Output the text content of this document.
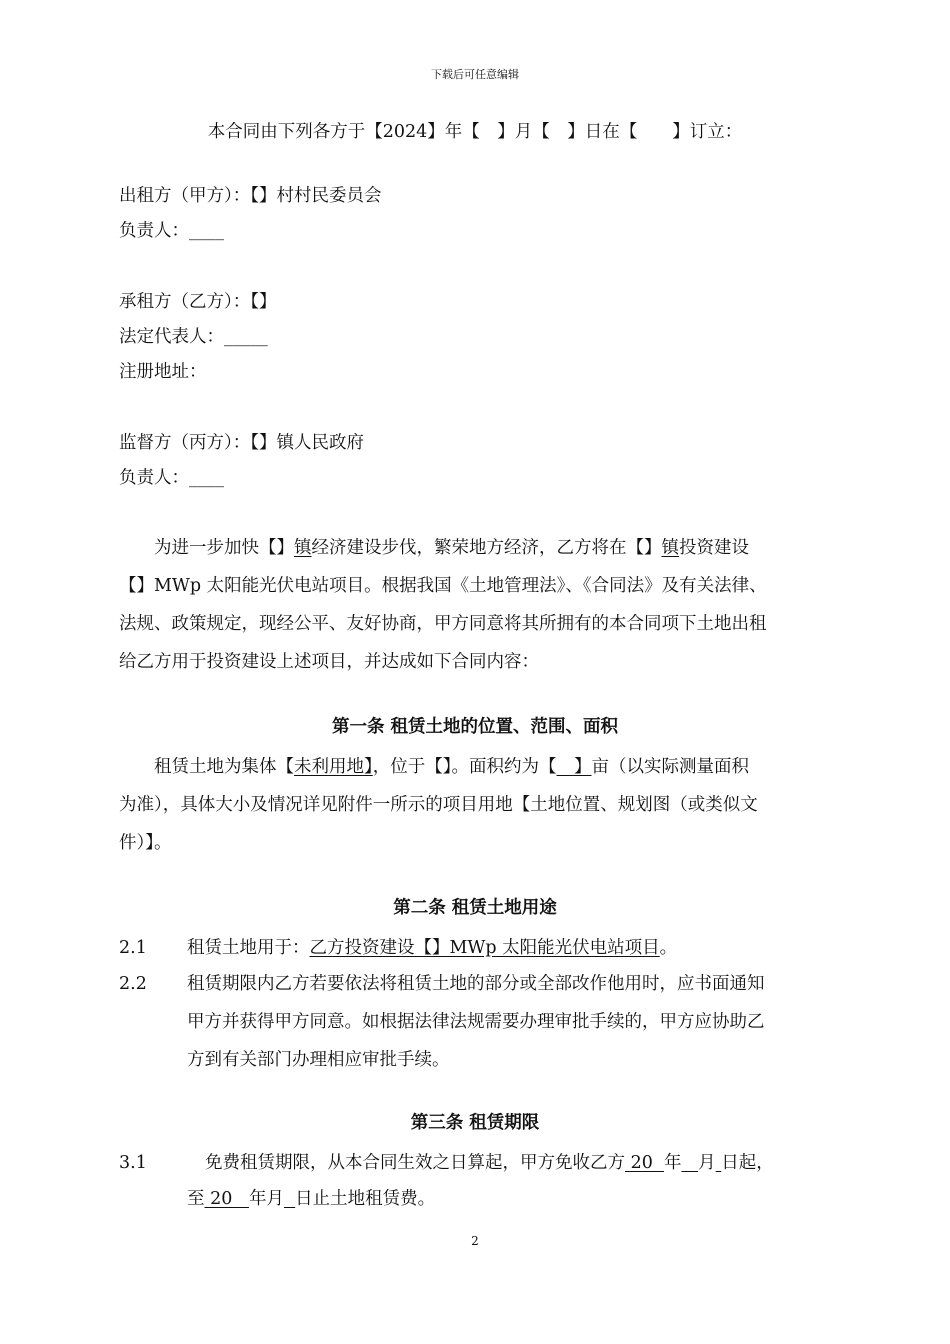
下载后可任意编辑
本合同由下列各方于【2024】年【　】月【　】日在【　　】订立：
出租方（甲方）：【】村村民委员会
负责人：____
承租方（乙方）：【】
法定代表人：_____
注册地址：
监督方（丙方）：【】镇人民政府
负责人：____
为进一步加快【】镇经济建设步伐，繁荣地方经济，乙方将在【】镇投资建设
【】MWp 太阳能光伏电站项目。根据我国《土地管理法》、《合同法》及有关法律、
法规、政策规定，现经公平、友好协商，甲方同意将其所拥有的本合同项下土地出租
给乙方用于投资建设上述项目，并达成如下合同内容：
第一条 租赁土地的位置、范围、面积
租赁土地为集体【未利用地】，位于【】。面积约为【　】亩（以实际测量面积
为准），具体大小及情况详见附件一所示的项目用地【土地位置、规划图（或类似文
件）】。
第二条 租赁土地用途
2.1 租赁土地用于：乙方投资建设【】MWp 太阳能光伏电站项目。
2.2 租赁期限内乙方若要依法将租赁土地的部分或全部改作他用时，应书面通知
甲方并获得甲方同意。如根据法律法规需要办理审批手续的，甲方应协助乙
方到有关部门办理相应审批手续。
第三条 租赁期限
3.1	免费租赁期限，从本合同生效之日算起，甲方免收乙方 20  年 月 日起，
至 20   年月 日止土地租赁费。
2
